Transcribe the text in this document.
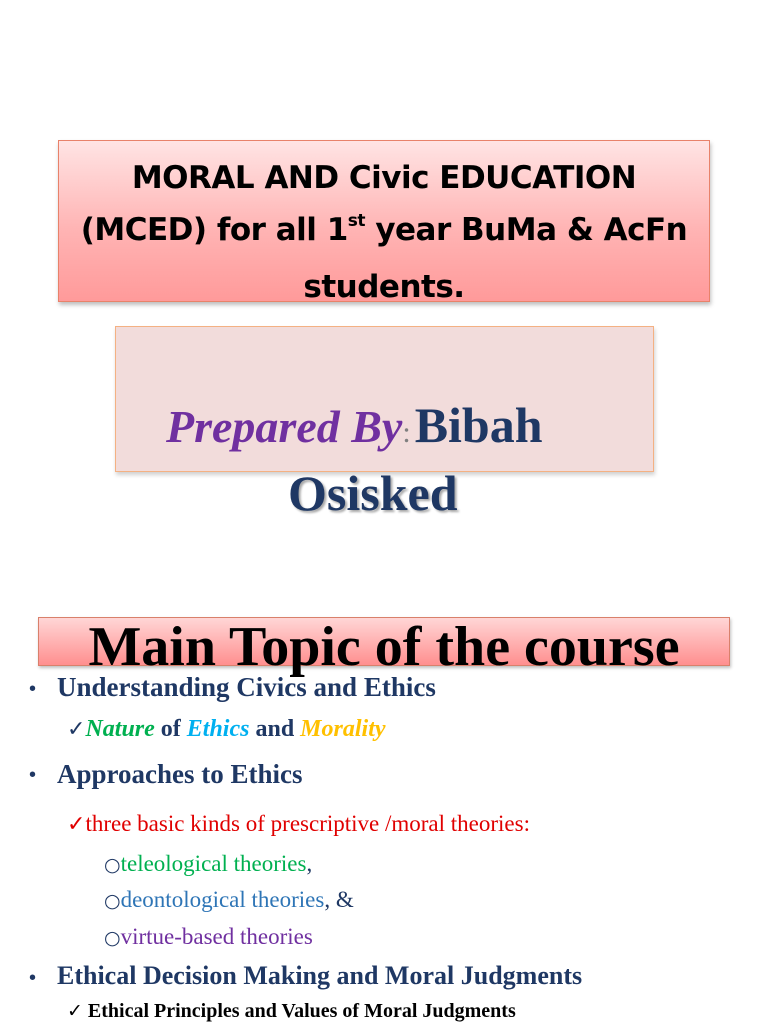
MORAL AND Civic EDUCATION
(MCED) for all 1st year BuMa & AcFn
students.
Prepared By: Bibah
Osisked
Main Topic of the course
• Understanding Civics and Ethics
✓Nature of Ethics and Morality
• Approaches to Ethics
✓three basic kinds of prescriptive /moral theories:
○teleological theories,
○deontological theories, &
○virtue-based theories
• Ethical Decision Making and Moral Judgments
✓ Ethical Principles and Values of Moral Judgments
